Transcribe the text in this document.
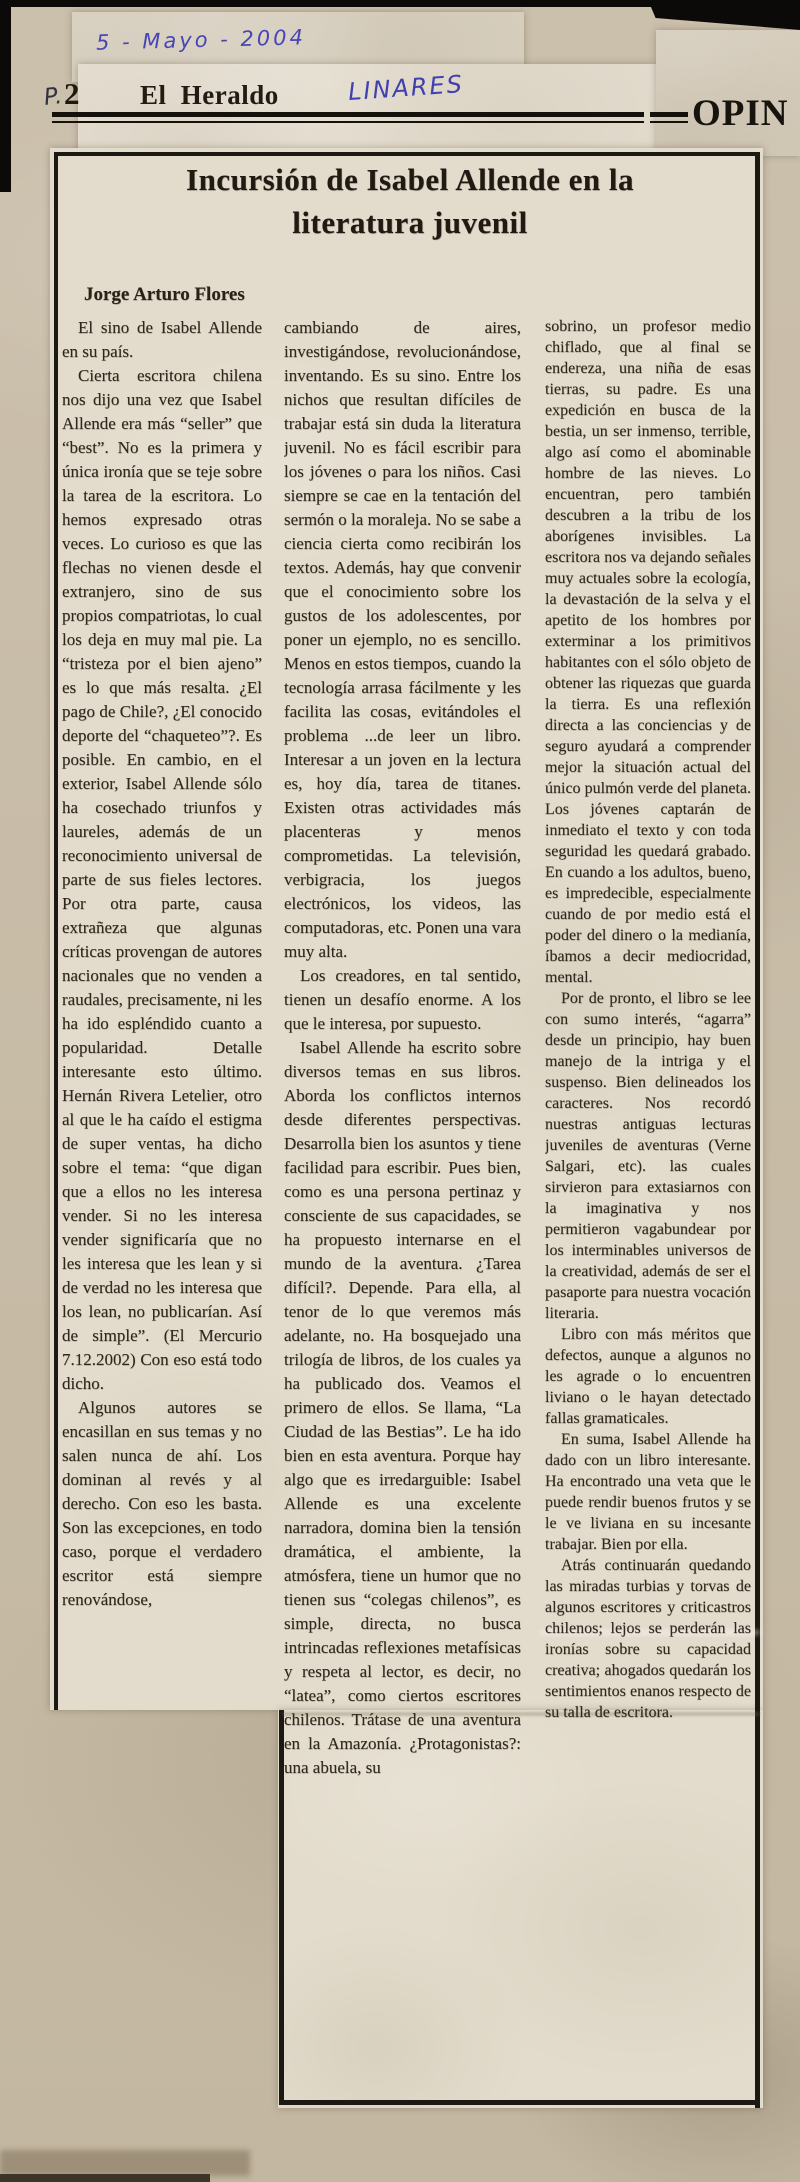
5 - Mayo - 2004
P. 2 El Heraldo	LINARES
OPIN
Incursión de Isabel Allende en la
literatura juvenil
Jorge Arturo Flores

El sino de Isabel Allende en su país.

Cierta escritora chilena nos dijo una vez que Isabel Allende era más “seller” que “best”. No es la primera y única ironía que se teje sobre la tarea de la escritora. Lo hemos expresado otras veces. Lo curioso es que las flechas no vienen desde el extranjero, sino de sus propios compatriotas, lo cual los deja en muy mal pie. La “tristeza por el bien ajeno” es lo que más resalta. ¿El pago de Chile?, ¿El conocido deporte del “chaqueteo”?. Es posible. En cambio, en el exterior, Isabel Allende sólo ha cosechado triunfos y laureles, además de un reconocimiento universal de parte de sus fieles lectores. Por otra parte, causa extrañeza que algunas críticas provengan de autores nacionales que no venden a raudales, precisamente, ni les ha ido espléndido cuanto a popularidad. Detalle interesante esto último. Hernán Rivera Letelier, otro al que le ha caído el estigma de super ventas, ha dicho sobre el tema: “que digan que a ellos no les interesa vender. Si no les interesa vender significaría que no les interesa que les lean y si de verdad no les interesa que los lean, no publicarían. Así de simple”. (El Mercurio 7.12.2002) Con eso está todo dicho.

Algunos autores se encasillan en sus temas y no salen nunca de ahí. Los dominan al revés y al derecho. Con eso les basta. Son las excepciones, en todo caso, porque el verdadero escritor está siempre renovándose,

cambiando de aires, investigándose, revolucionándose, inventando. Es su sino. Entre los nichos que resultan difíciles de trabajar está sin duda la literatura juvenil. No es fácil escribir para los jóvenes o para los niños. Casi siempre se cae en la tentación del sermón o la moraleja. No se sabe a ciencia cierta como recibirán los textos. Además, hay que convenir que el conocimiento sobre los gustos de los adolescentes, por poner un ejemplo, no es sencillo. Menos en estos tiempos, cuando la tecnología arrasa fácilmente y les facilita las cosas, evitándoles el problema ...de leer un libro. Interesar a un joven en la lectura es, hoy día, tarea de titanes. Existen otras actividades más placenteras y menos comprometidas. La televisión, verbigracia, los juegos electrónicos, los videos, las computadoras, etc. Ponen una vara muy alta.

Los creadores, en tal sentido, tienen un desafío enorme. A los que le interesa, por supuesto.

Isabel Allende ha escrito sobre diversos temas en sus libros. Aborda los conflictos internos desde diferentes perspectivas. Desarrolla bien los asuntos y tiene facilidad para escribir. Pues bien, como es una persona pertinaz y consciente de sus capacidades, se ha propuesto internarse en el mundo de la aventura. ¿Tarea difícil?. Depende. Para ella, al tenor de lo que veremos más adelante, no. Ha bosquejado una trilogía de libros, de los cuales ya ha publicado dos. Veamos el primero de ellos. Se llama, “La Ciudad de las Bestias”. Le ha ido bien en esta aventura. Porque hay algo que es irredarguible: Isabel Allende es una excelente narradora, domina bien la tensión dramática, el ambiente, la atmósfera, tiene un humor que no tienen sus “colegas chilenos”, es simple, directa, no busca intrincadas reflexiones metafísicas y respeta al lector, es decir, no “latea”, como ciertos escritores chilenos. Trátase de una aventura en la Amazonía. ¿Protagonistas?: una abuela, su

sobrino, un profesor medio chiflado, que al final se endereza, una niña de esas tierras, su padre. Es una expedición en busca de la bestia, un ser inmenso, terrible, algo así como el abominable hombre de las nieves. Lo encuentran, pero también descubren a la tribu de los aborígenes invisibles. La escritora nos va dejando señales muy actuales sobre la ecología, la devastación de la selva y el apetito de los hombres por exterminar a los primitivos habitantes con el sólo objeto de obtener las riquezas que guarda la tierra. Es una reflexión directa a las conciencias y de seguro ayudará a comprender mejor la situación actual del único pulmón verde del planeta. Los jóvenes captarán de inmediato el texto y con toda seguridad les quedará grabado. En cuando a los adultos, bueno, es impredecible, especialmente cuando de por medio está el poder del dinero o la medianía, íbamos a decir mediocridad, mental.

Por de pronto, el libro se lee con sumo interés, “agarra” desde un principio, hay buen manejo de la intriga y el suspenso. Bien delineados los caracteres. Nos recordó nuestras antiguas lecturas juveniles de aventuras (Verne Salgari, etc). las cuales sirvieron para extasiarnos con la imaginativa y nos permitieron vagabundear por los interminables universos de la creatividad, además de ser el pasaporte para nuestra vocación literaria.

Libro con más méritos que defectos, aunque a algunos no les agrade o lo encuentren liviano o le hayan detectado fallas gramaticales.

En suma, Isabel Allende ha dado con un libro interesante. Ha encontrado una veta que le puede rendir buenos frutos y se le ve liviana en su incesante trabajar. Bien por ella.

Atrás continuarán quedando las miradas turbias y torvas de algunos escritores y criticastros chilenos; lejos se perderán las ironías sobre su capacidad creativa; ahogados quedarán los sentimientos enanos respecto de su talla de escritora.
